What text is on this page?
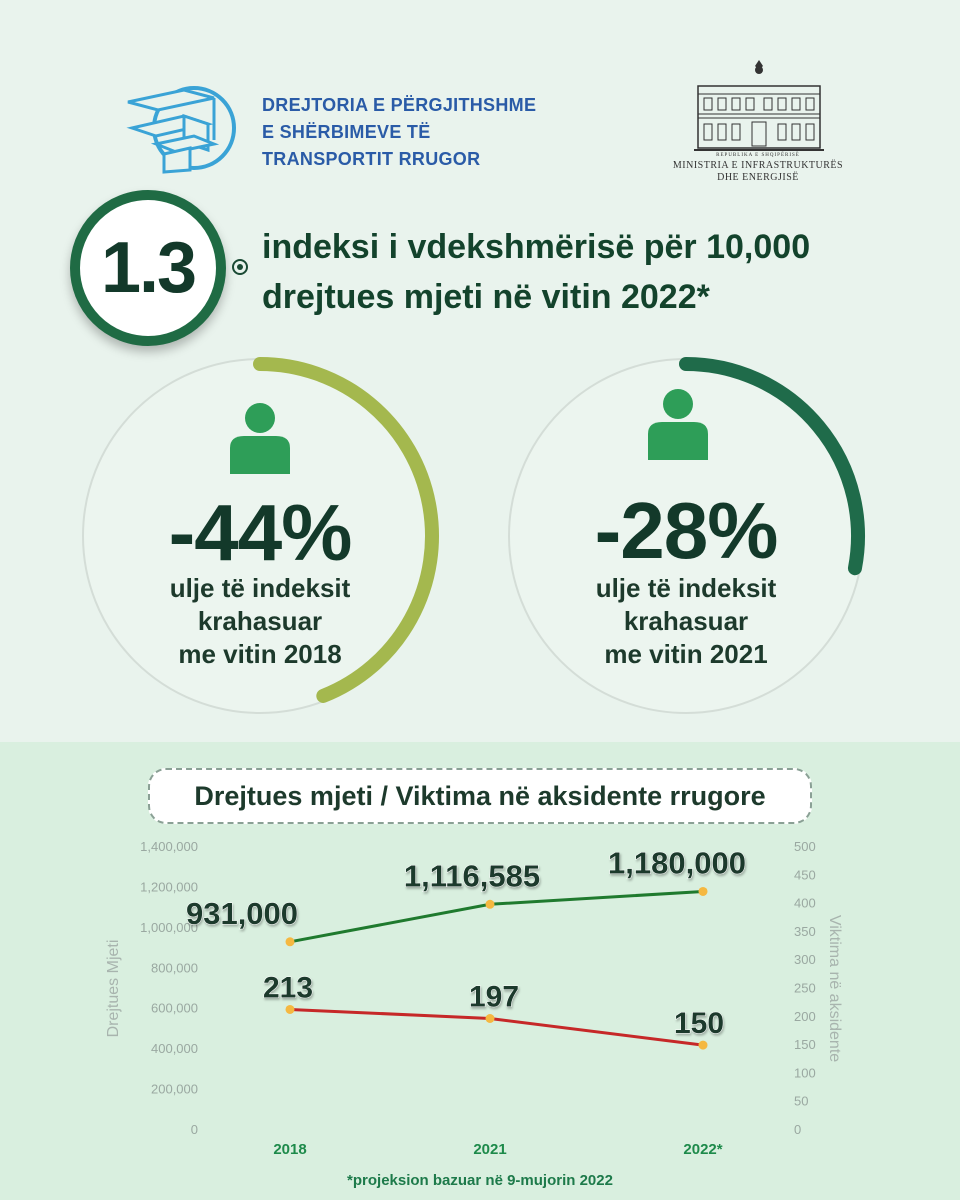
DREJTORIA E PËRGJITHSHME
E SHËRBIMEVE TË
TRANSPORTIT RRUGOR	REPUBLIKA E SHQIPËRISË
MINISTRIA E INFRASTRUKTURËS
DHE ENERGJISË
1.3	indeksi i vdekshmërisë për 10,000
drejtues mjeti në vitin 2022*
-44%
ulje të indeksit
krahasuar
me vitin 2018
-28%
ulje të indeksit
krahasuar
me vitin 2021
Drejtues mjeti / Viktima në aksidente rrugore
0
200,000
400,000
600,000
800,000
1,000,000
1,200,000
1,400,000
0
50
100
150
200
250
300
350
400
450
500
Drejtues Mjeti	Viktima në aksidente
2018	2021	2022*
931,000
1,116,585 1,180,000
213	197
150
*projeksion bazuar në 9-mujorin 2022
